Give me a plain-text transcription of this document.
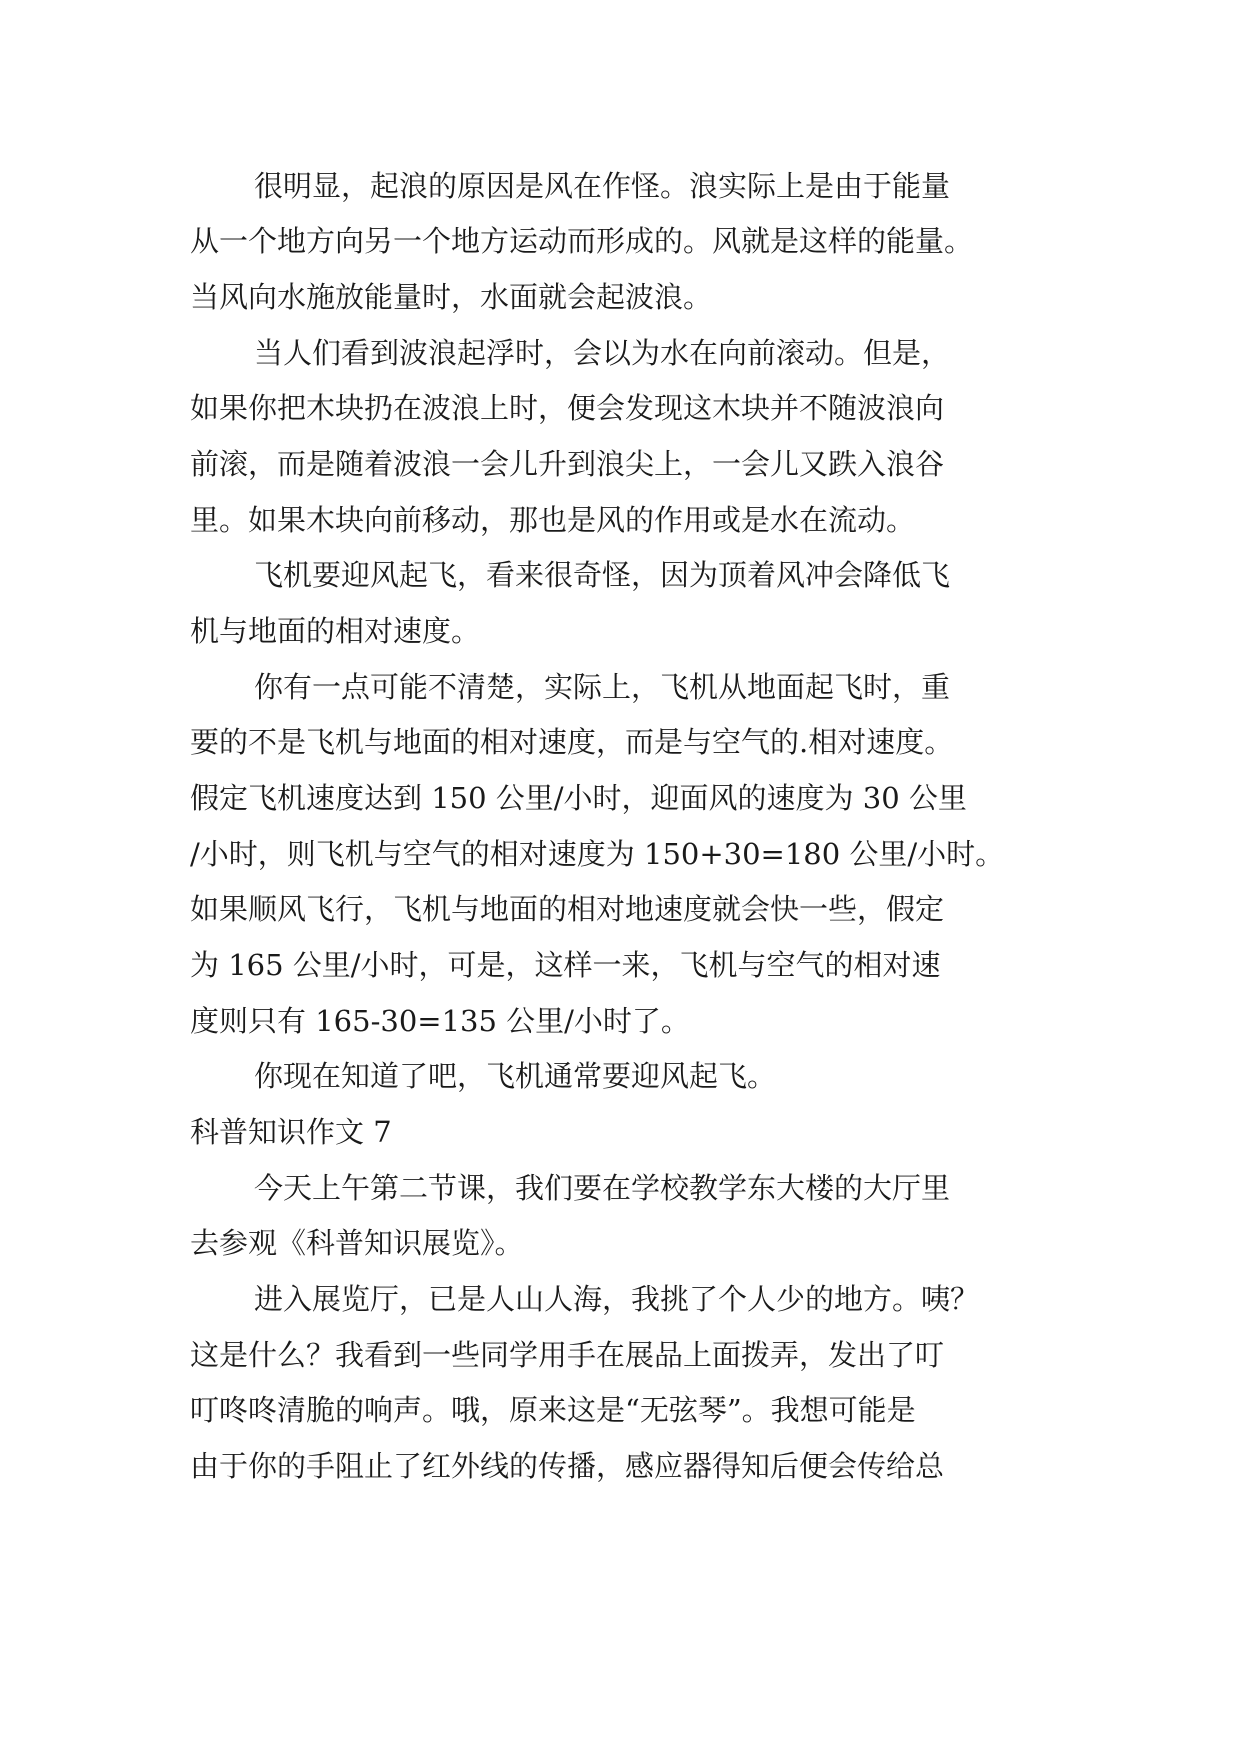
很明显，起浪的原因是风在作怪。浪实际上是由于能量
从一个地方向另一个地方运动而形成的。风就是这样的能量。
当风向水施放能量时，水面就会起波浪。
当人们看到波浪起浮时，会以为水在向前滚动。但是，
如果你把木块扔在波浪上时，便会发现这木块并不随波浪向
前滚，而是随着波浪一会儿升到浪尖上，一会儿又跌入浪谷
里。如果木块向前移动，那也是风的作用或是水在流动。
飞机要迎风起飞，看来很奇怪，因为顶着风冲会降低飞
机与地面的相对速度。
你有一点可能不清楚，实际上，飞机从地面起飞时，重
要的不是飞机与地面的相对速度，而是与空气的.相对速度。
假定飞机速度达到 150 公里/小时，迎面风的速度为 30 公里
/小时，则飞机与空气的相对速度为 150+30=180 公里/小时。
如果顺风飞行，飞机与地面的相对地速度就会快一些，假定
为 165 公里/小时，可是，这样一来，飞机与空气的相对速
度则只有 165-30=135 公里/小时了。
你现在知道了吧，飞机通常要迎风起飞。
科普知识作文 7
今天上午第二节课，我们要在学校教学东大楼的大厅里
去参观《科普知识展览》。
进入展览厅，已是人山人海，我挑了个人少的地方。咦？
这是什么？我看到一些同学用手在展品上面拨弄，发出了叮
叮咚咚清脆的响声。哦，原来这是“无弦琴”。我想可能是
由于你的手阻止了红外线的传播，感应器得知后便会传给总
